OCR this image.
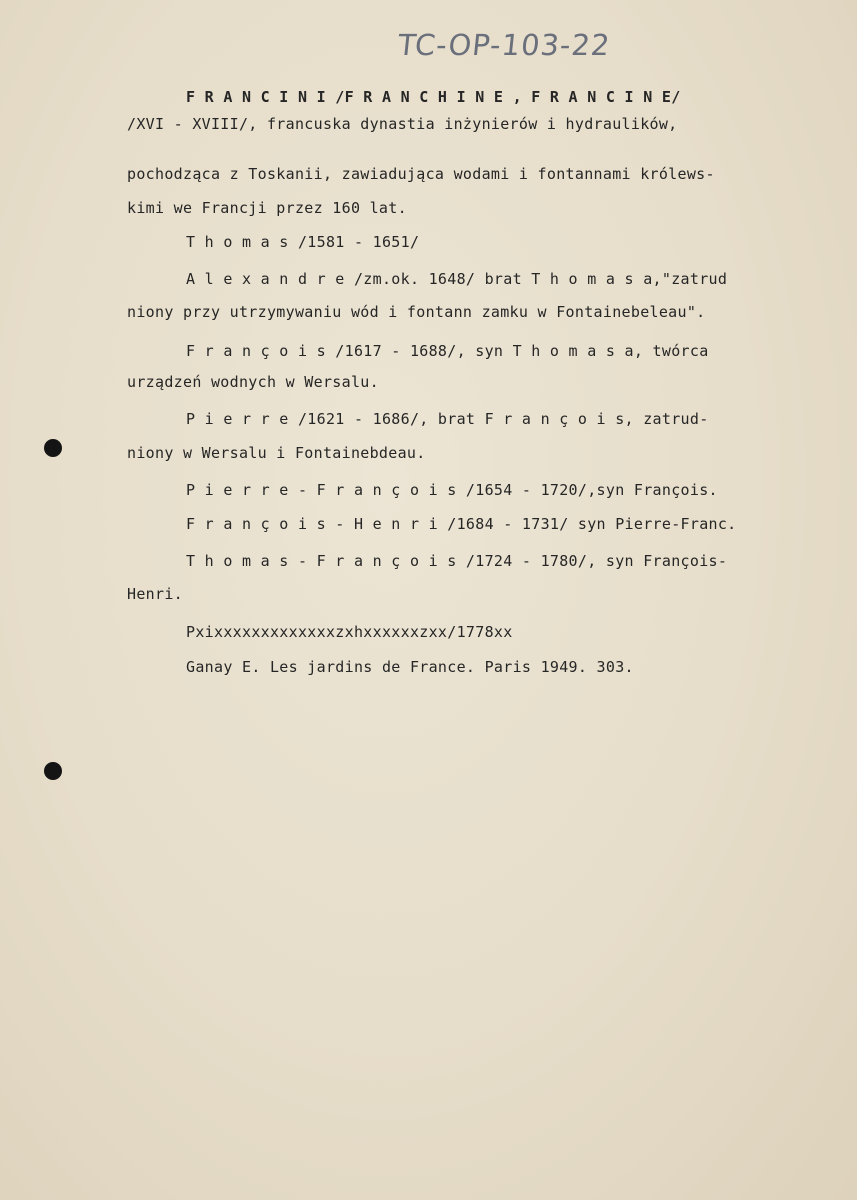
TC-OP-103-22
F R A N C I N I /F R A N C H I N E , F R A N C I N E/
/XVI - XVIII/, francuska dynastia inżynierów i hydraulików,
pochodząca z Toskanii, zawiadująca wodami i fontannami królews-
kimi we Francji przez 160 lat.
T h o m a s /1581 - 1651/
A l e x a n d r e /zm.ok. 1648/ brat T h o m a s a,"zatrud
niony przy utrzymywaniu wód i fontann zamku w Fontainebeleau".
F r a n ç o i s /1617 - 1688/, syn T h o m a s a, twórca
urządzeń wodnych w Wersalu.
P i e r r e /1621 - 1686/, brat F r a n ç o i s, zatrud-
niony w Wersalu i Fontainebdeau.
P i e r r e - F r a n ç o i s /1654 - 1720/,syn François.
F r a n ç o i s - H e n r i /1684 - 1731/ syn Pierre-Franc.
T h o m a s - F r a n ç o i s /1724 - 1780/, syn François-
Henri.
Pxixxxxxxxxxxxxxzxhxxxxxxzxx/1778xx
Ganay E. Les jardins de France. Paris 1949. 303.
